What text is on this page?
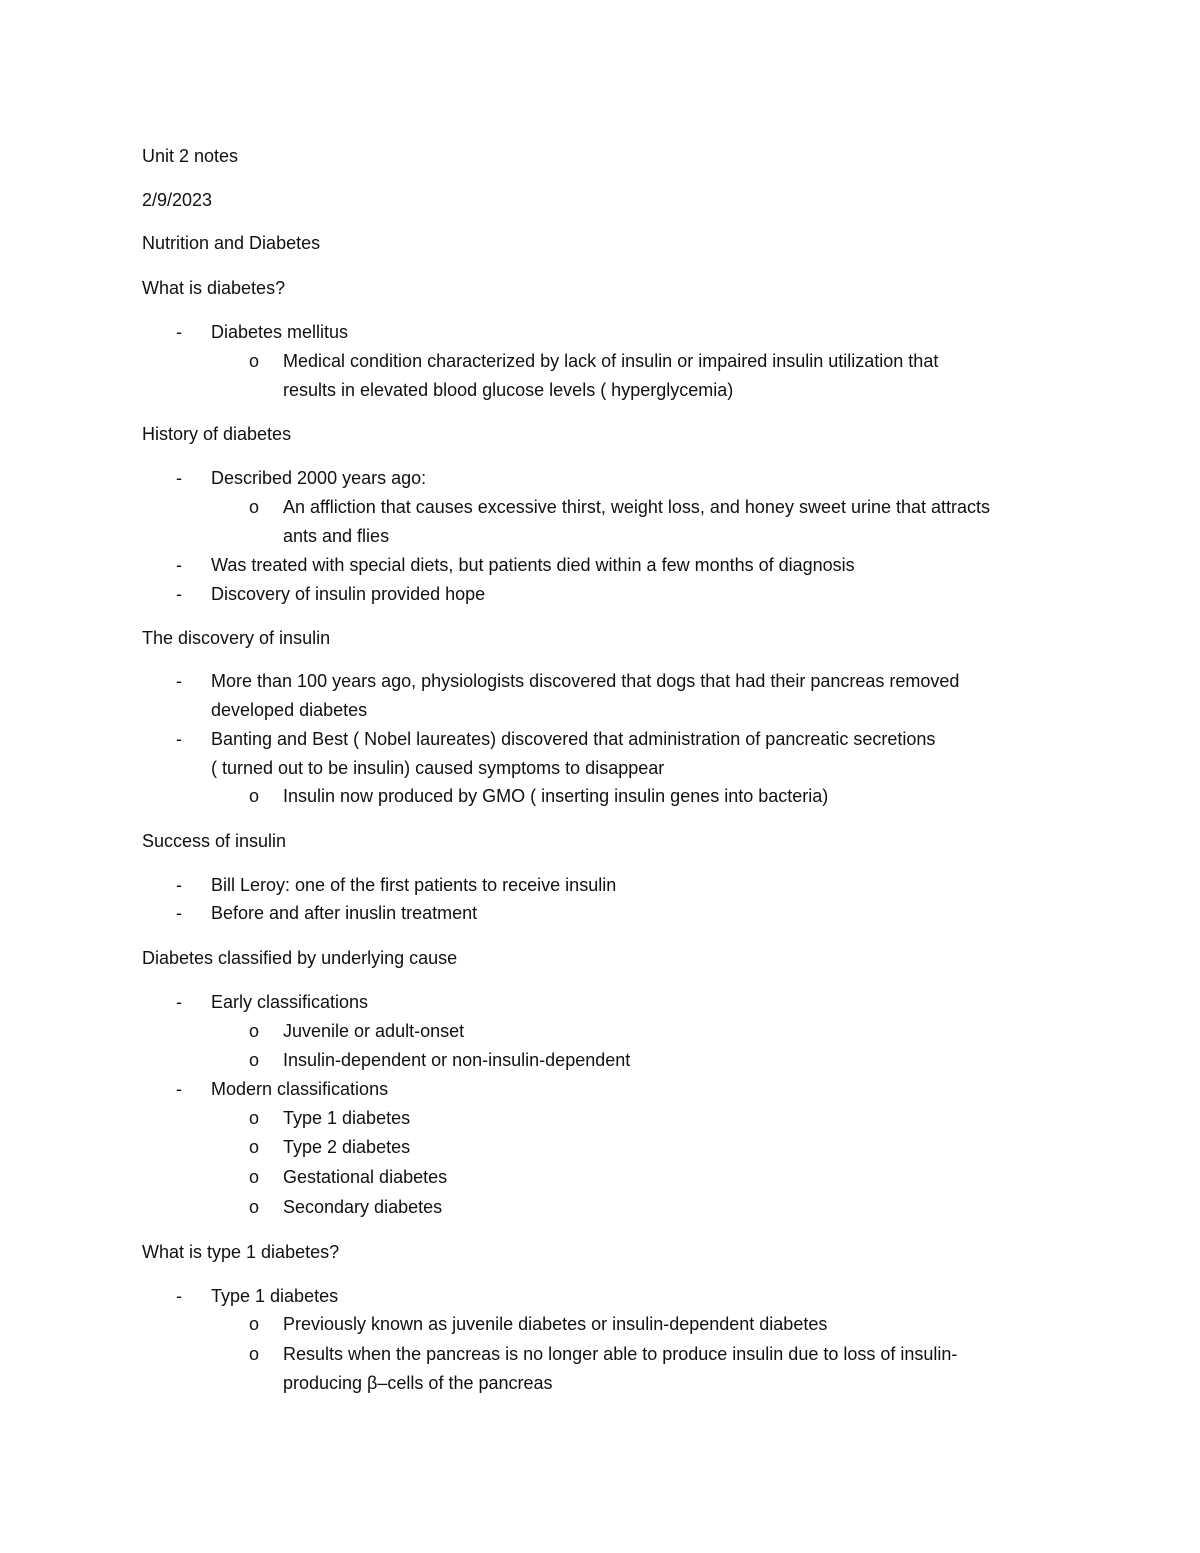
Unit 2 notes
2/9/2023
Nutrition and Diabetes
What is diabetes?
- Diabetes mellitus
o Medical condition characterized by lack of insulin or impaired insulin utilization that
results in elevated blood glucose levels ( hyperglycemia)
History of diabetes
- Described 2000 years ago:
o An affliction that causes excessive thirst, weight loss, and honey sweet urine that attracts
ants and flies
- Was treated with special diets, but patients died within a few months of diagnosis
- Discovery of insulin provided hope
The discovery of insulin
- More than 100 years ago, physiologists discovered that dogs that had their pancreas removed
developed diabetes
- Banting and Best ( Nobel laureates) discovered that administration of pancreatic secretions
( turned out to be insulin) caused symptoms to disappear
o Insulin now produced by GMO ( inserting insulin genes into bacteria)
Success of insulin
- Bill Leroy: one of the first patients to receive insulin
- Before and after inuslin treatment
Diabetes classified by underlying cause
- Early classifications
o Juvenile or adult-onset
o Insulin-dependent or non-insulin-dependent
- Modern classifications
o Type 1 diabetes
o Type 2 diabetes
o Gestational diabetes
o Secondary diabetes
What is type 1 diabetes?
- Type 1 diabetes
o Previously known as juvenile diabetes or insulin-dependent diabetes
o Results when the pancreas is no longer able to produce insulin due to loss of insulin-
producing β–cells of the pancreas
